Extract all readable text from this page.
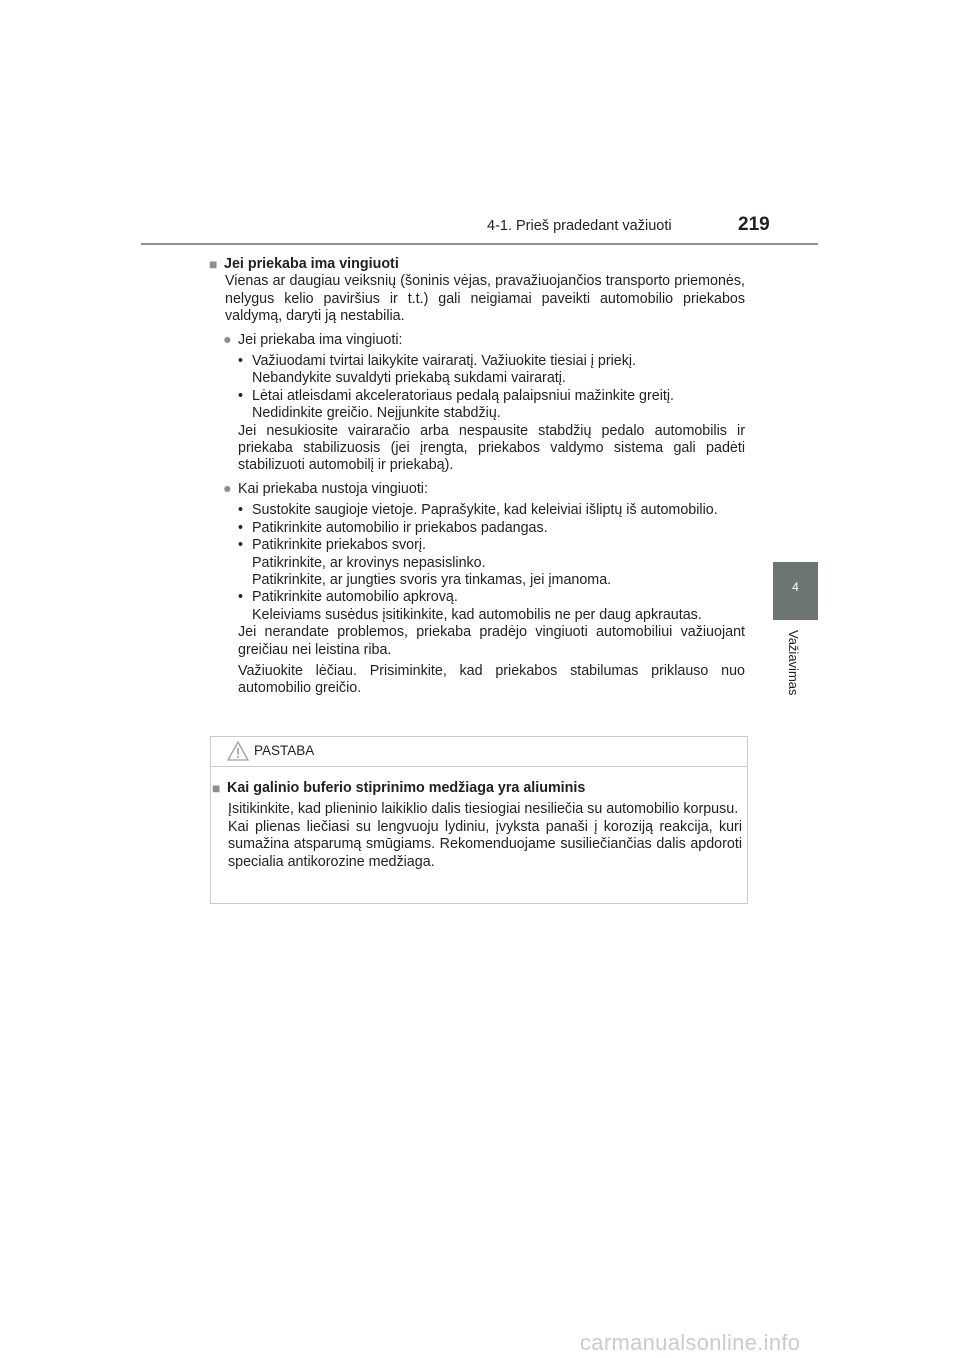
4-1. Prieš pradedant važiuoti	219
4
Važiavimas
■ Jei priekaba ima vingiuoti
Vienas ar daugiau veiksnių (šoninis vėjas, pravažiuojančios transporto priemonės, nelygus kelio paviršius ir t.t.) gali neigiamai paveikti automobilio priekabos valdymą, daryti ją nestabilia.
● Jei priekaba ima vingiuoti:
• Važiuodami tvirtai laikykite vairaratį. Važiuokite tiesiai į priekį.
Nebandykite suvaldyti priekabą sukdami vairaratį.
• Lėtai atleisdami akceleratoriaus pedalą palaipsniui mažinkite greitį.
Nedidinkite greičio. Neįjunkite stabdžių.
Jei nesukiosite vairaračio arba nespausite stabdžių pedalo automobilis ir priekaba stabilizuosis (jei įrengta, priekabos valdymo sistema gali padėti stabilizuoti automobilį ir priekabą).
● Kai priekaba nustoja vingiuoti:
• Sustokite saugioje vietoje. Paprašykite, kad keleiviai išliptų iš automobilio.
• Patikrinkite automobilio ir priekabos padangas.
• Patikrinkite priekabos svorį.
Patikrinkite, ar krovinys nepasislinko.
Patikrinkite, ar jungties svoris yra tinkamas, jei įmanoma.
• Patikrinkite automobilio apkrovą.
Keleiviams susėdus įsitikinkite, kad automobilis ne per daug apkrautas.
Jei nerandate problemos, priekaba pradėjo vingiuoti automobiliui važiuojant greičiau nei leistina riba.
Važiuokite lėčiau. Prisiminkite, kad priekabos stabilumas priklauso nuo automobilio greičio.
PASTABA
■ Kai galinio buferio stiprinimo medžiaga yra aliuminis
Įsitikinkite, kad plieninio laikiklio dalis tiesiogiai nesiliečia su automobilio korpusu.
Kai plienas liečiasi su lengvuoju lydiniu, įvyksta panaši į koroziją reakcija, kuri sumažina atsparumą smūgiams. Rekomenduojame susiliečiančias dalis apdoroti specialia antikorozine medžiaga.
carmanualsonline.info
